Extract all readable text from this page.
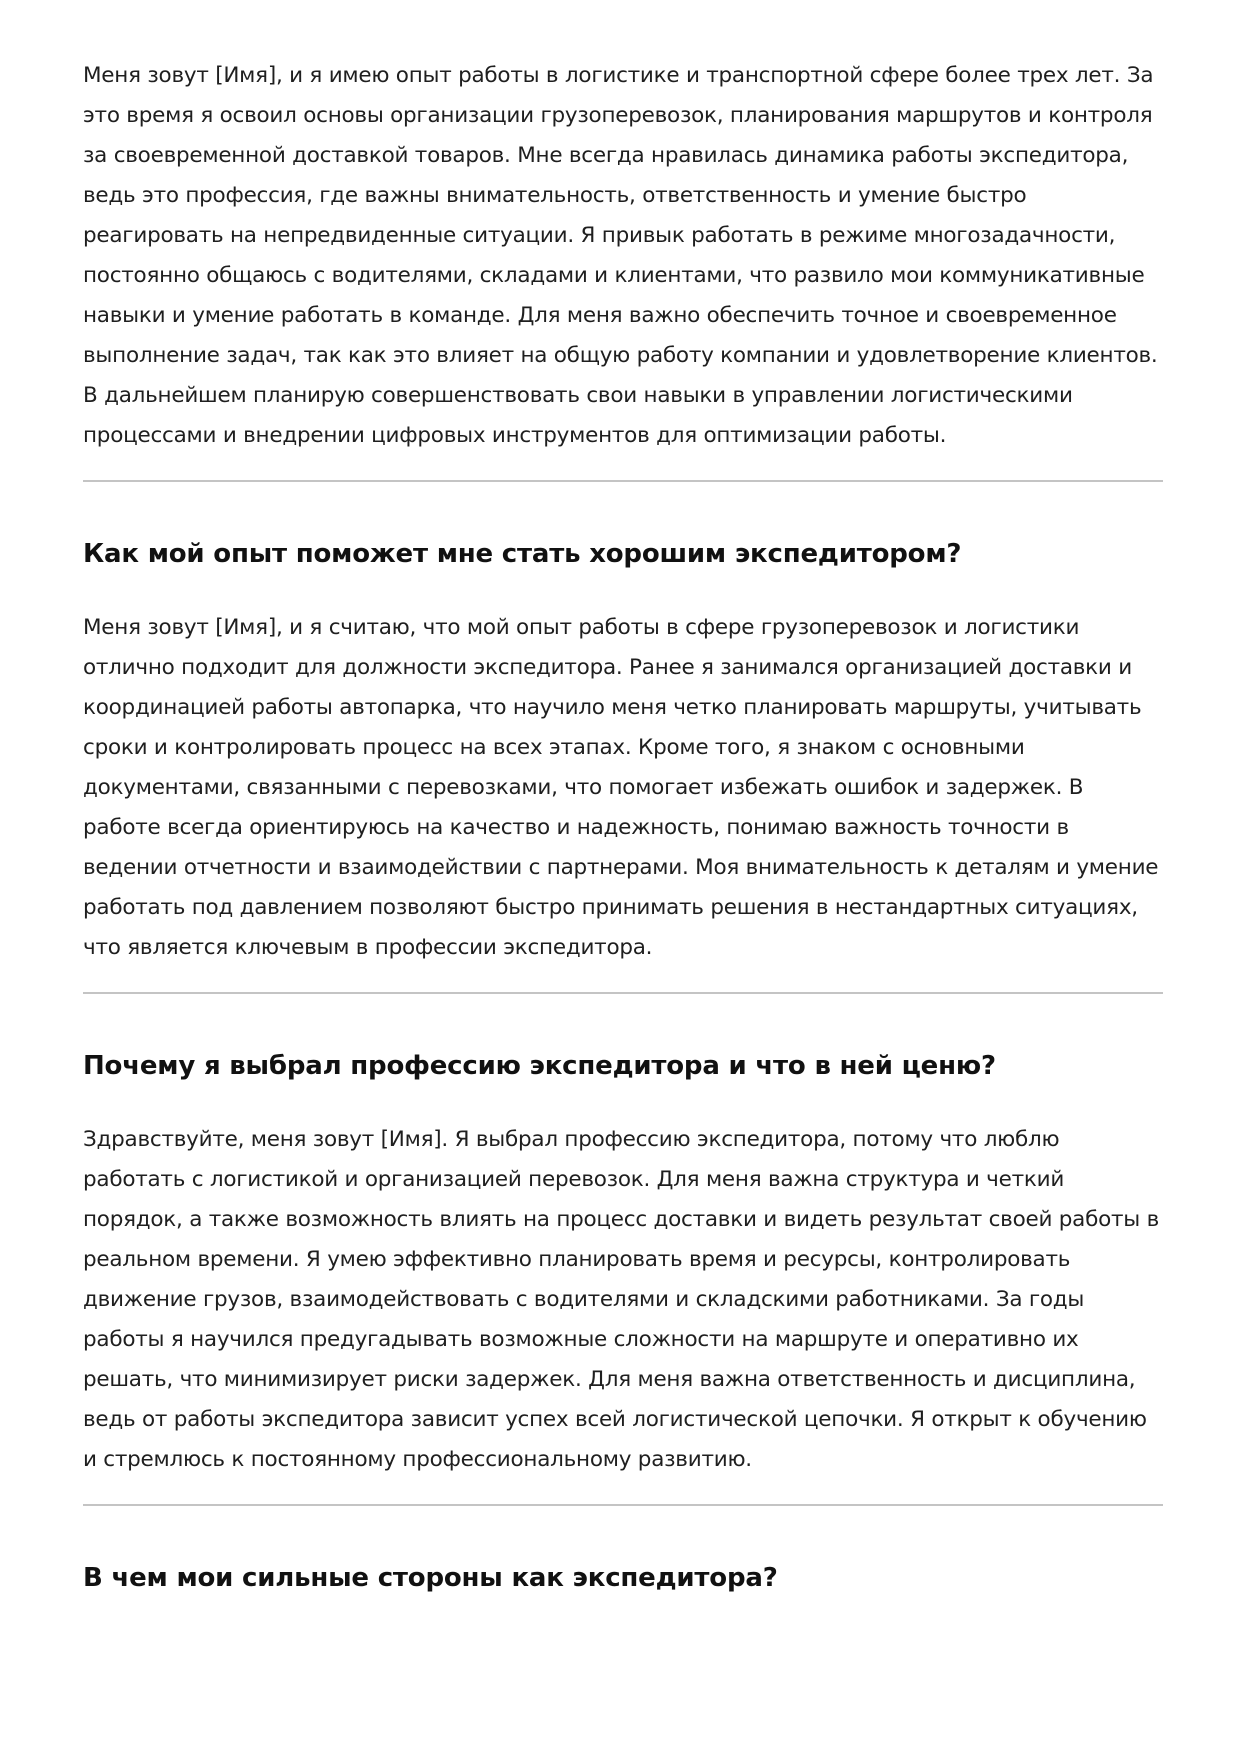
Меня зовут [Имя], и я имею опыт работы в логистике и транспортной сфере более трех лет. За это время я освоил основы организации грузоперевозок, планирования маршрутов и контроля за своевременной доставкой товаров. Мне всегда нравилась динамика работы экспедитора, ведь это профессия, где важны внимательность, ответственность и умение быстро реагировать на непредвиденные ситуации. Я привык работать в режиме многозадачности, постоянно общаюсь с водителями, складами и клиентами, что развило мои коммуникативные навыки и умение работать в команде. Для меня важно обеспечить точное и своевременное выполнение задач, так как это влияет на общую работу компании и удовлетворение клиентов. В дальнейшем планирую совершенствовать свои навыки в управлении логистическими процессами и внедрении цифровых инструментов для оптимизации работы.

Как мой опыт поможет мне стать хорошим экспедитором?

Меня зовут [Имя], и я считаю, что мой опыт работы в сфере грузоперевозок и логистики отлично подходит для должности экспедитора. Ранее я занимался организацией доставки и координацией работы автопарка, что научило меня четко планировать маршруты, учитывать сроки и контролировать процесс на всех этапах. Кроме того, я знаком с основными документами, связанными с перевозками, что помогает избежать ошибок и задержек. В работе всегда ориентируюсь на качество и надежность, понимаю важность точности в ведении отчетности и взаимодействии с партнерами. Моя внимательность к деталям и умение работать под давлением позволяют быстро принимать решения в нестандартных ситуациях, что является ключевым в профессии экспедитора.

Почему я выбрал профессию экспедитора и что в ней ценю?

Здравствуйте, меня зовут [Имя]. Я выбрал профессию экспедитора, потому что люблю работать с логистикой и организацией перевозок. Для меня важна структура и четкий порядок, а также возможность влиять на процесс доставки и видеть результат своей работы в реальном времени. Я умею эффективно планировать время и ресурсы, контролировать движение грузов, взаимодействовать с водителями и складскими работниками. За годы работы я научился предугадывать возможные сложности на маршруте и оперативно их решать, что минимизирует риски задержек. Для меня важна ответственность и дисциплина, ведь от работы экспедитора зависит успех всей логистической цепочки. Я открыт к обучению и стремлюсь к постоянному профессиональному развитию.

В чем мои сильные стороны как экспедитора?
